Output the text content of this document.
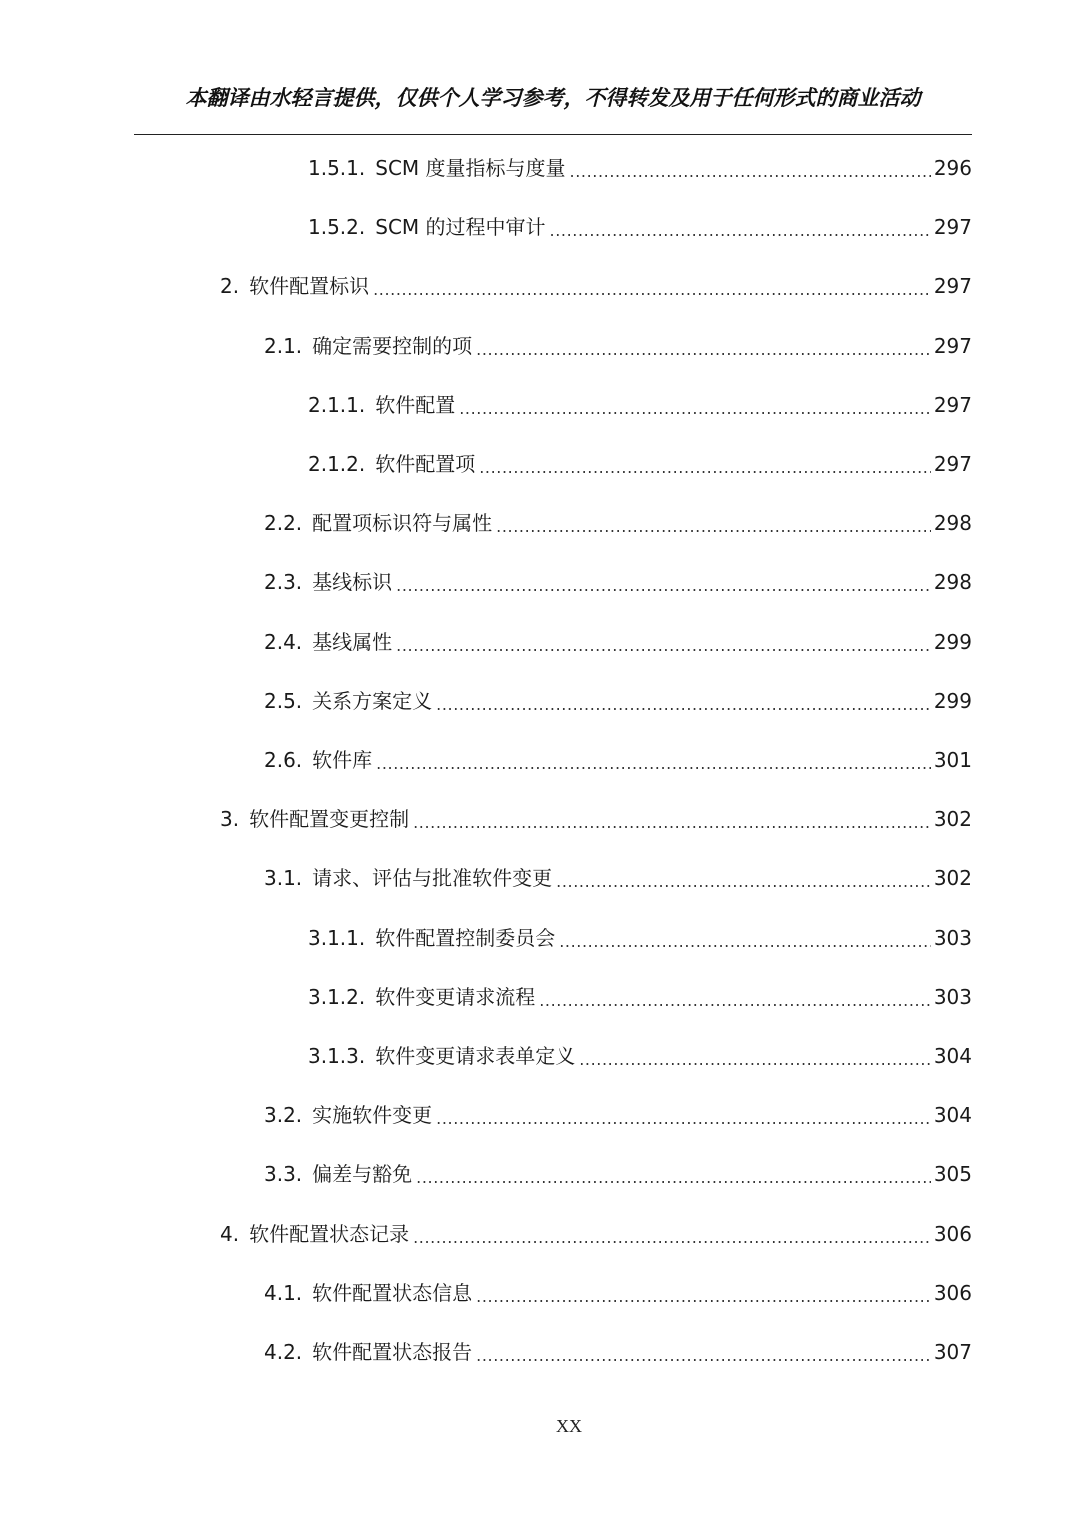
本翻译由水轻言提供，仅供个人学习参考，不得转发及用于任何形式的商业活动
1.5.1. SCM 度量指标与度量 .....	296
1.5.2. SCM 的过程中审计 .....	297
2. 软件配置标识 .....	297
2.1. 确定需要控制的项 .....	297
2.1.1. 软件配置 .....	297
2.1.2. 软件配置项 .....	297
2.2. 配置项标识符与属性 .....	298
2.3. 基线标识 .....	298
2.4. 基线属性 .....	299
2.5. 关系方案定义 .....	299
2.6. 软件库 .....	301
3. 软件配置变更控制 .....	302
3.1. 请求、评估与批准软件变更 .....	302
3.1.1. 软件配置控制委员会 .....	303
3.1.2. 软件变更请求流程 .....	303
3.1.3. 软件变更请求表单定义 .....	304
3.2. 实施软件变更 .....	304
3.3. 偏差与豁免 .....	305
4. 软件配置状态记录 .....	306
4.1. 软件配置状态信息 .....	306
4.2. 软件配置状态报告 .....	307
XX
